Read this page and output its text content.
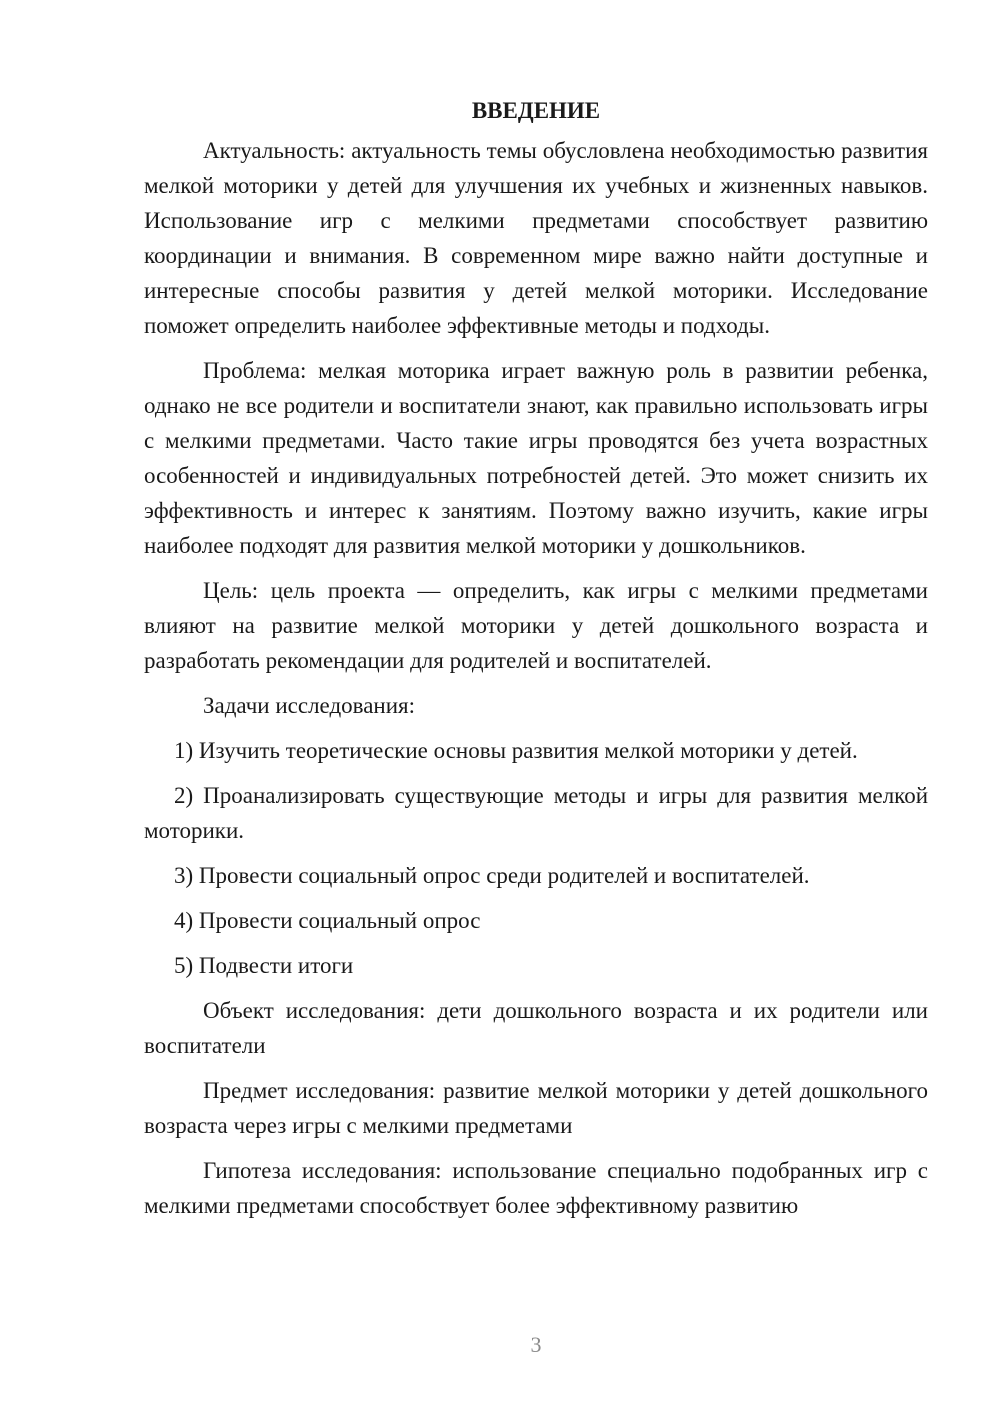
ВВЕДЕНИЕ

Актуальность: актуальность темы обусловлена необходимостью развития мелкой моторики у детей для улучшения их учебных и жизненных навыков. Использование игр с мелкими предметами способствует развитию координации и внимания. В современном мире важно найти доступные и интересные способы развития у детей мелкой моторики. Исследование поможет определить наиболее эффективные методы и подходы.

Проблема: мелкая моторика играет важную роль в развитии ребенка, однако не все родители и воспитатели знают, как правильно использовать игры с мелкими предметами. Часто такие игры проводятся без учета возрастных особенностей и индивидуальных потребностей детей. Это может снизить их эффективность и интерес к занятиям. Поэтому важно изучить, какие игры наиболее подходят для развития мелкой моторики у дошкольников.

Цель: цель проекта — определить, как игры с мелкими предметами влияют на развитие мелкой моторики у детей дошкольного возраста и разработать рекомендации для родителей и воспитателей.

Задачи исследования:

1) Изучить теоретические основы развития мелкой моторики у детей.

2) Проанализировать существующие методы и игры для развития мелкой моторики.

3) Провести социальный опрос среди родителей и воспитателей.

4) Провести социальный опрос

5) Подвести итоги

Объект исследования: дети дошкольного возраста и их родители или воспитатели

Предмет исследования: развитие мелкой моторики у детей дошкольного возраста через игры с мелкими предметами

Гипотеза исследования: использование специально подобранных игр с мелкими предметами способствует более эффективному развитию

3
